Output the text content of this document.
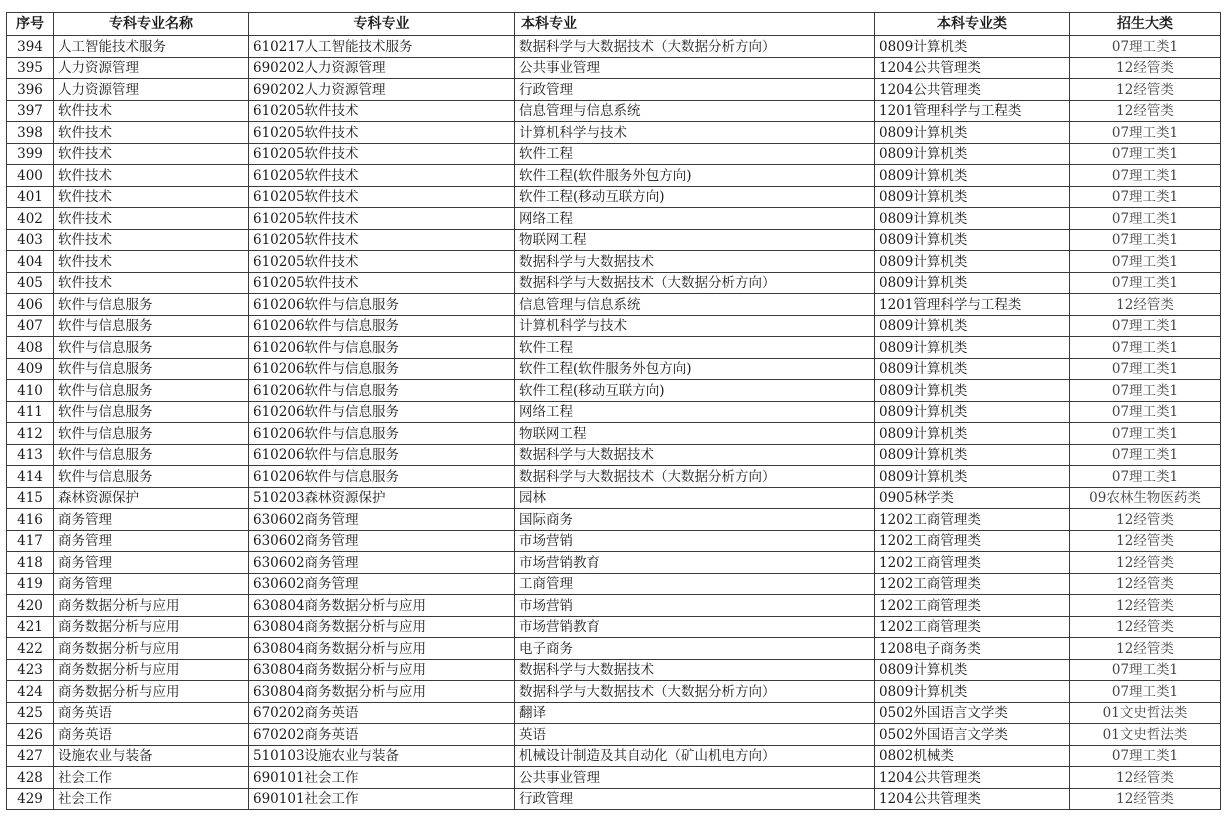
序号	专科专业名称	专科专业	本科专业	本科专业类	招生大类
394	人工智能技术服务	610217人工智能技术服务	数据科学与大数据技术（大数据分析方向）	0809计算机类	07理工类1
395	人力资源管理	690202人力资源管理	公共事业管理	1204公共管理类	12经管类
396	人力资源管理	690202人力资源管理	行政管理	1204公共管理类	12经管类
397	软件技术	610205软件技术	信息管理与信息系统	1201管理科学与工程类	12经管类
398	软件技术	610205软件技术	计算机科学与技术	0809计算机类	07理工类1
399	软件技术	610205软件技术	软件工程	0809计算机类	07理工类1
400	软件技术	610205软件技术	软件工程(软件服务外包方向)	0809计算机类	07理工类1
401	软件技术	610205软件技术	软件工程(移动互联方向)	0809计算机类	07理工类1
402	软件技术	610205软件技术	网络工程	0809计算机类	07理工类1
403	软件技术	610205软件技术	物联网工程	0809计算机类	07理工类1
404	软件技术	610205软件技术	数据科学与大数据技术	0809计算机类	07理工类1
405	软件技术	610205软件技术	数据科学与大数据技术（大数据分析方向）	0809计算机类	07理工类1
406	软件与信息服务	610206软件与信息服务	信息管理与信息系统	1201管理科学与工程类	12经管类
407	软件与信息服务	610206软件与信息服务	计算机科学与技术	0809计算机类	07理工类1
408	软件与信息服务	610206软件与信息服务	软件工程	0809计算机类	07理工类1
409	软件与信息服务	610206软件与信息服务	软件工程(软件服务外包方向)	0809计算机类	07理工类1
410	软件与信息服务	610206软件与信息服务	软件工程(移动互联方向)	0809计算机类	07理工类1
411	软件与信息服务	610206软件与信息服务	网络工程	0809计算机类	07理工类1
412	软件与信息服务	610206软件与信息服务	物联网工程	0809计算机类	07理工类1
413	软件与信息服务	610206软件与信息服务	数据科学与大数据技术	0809计算机类	07理工类1
414	软件与信息服务	610206软件与信息服务	数据科学与大数据技术（大数据分析方向）	0809计算机类	07理工类1
415	森林资源保护	510203森林资源保护	园林	0905林学类	09农林生物医药类
416	商务管理	630602商务管理	国际商务	1202工商管理类	12经管类
417	商务管理	630602商务管理	市场营销	1202工商管理类	12经管类
418	商务管理	630602商务管理	市场营销教育	1202工商管理类	12经管类
419	商务管理	630602商务管理	工商管理	1202工商管理类	12经管类
420	商务数据分析与应用	630804商务数据分析与应用	市场营销	1202工商管理类	12经管类
421	商务数据分析与应用	630804商务数据分析与应用	市场营销教育	1202工商管理类	12经管类
422	商务数据分析与应用	630804商务数据分析与应用	电子商务	1208电子商务类	12经管类
423	商务数据分析与应用	630804商务数据分析与应用	数据科学与大数据技术	0809计算机类	07理工类1
424	商务数据分析与应用	630804商务数据分析与应用	数据科学与大数据技术（大数据分析方向）	0809计算机类	07理工类1
425	商务英语	670202商务英语	翻译	0502外国语言文学类	01文史哲法类
426	商务英语	670202商务英语	英语	0502外国语言文学类	01文史哲法类
427	设施农业与装备	510103设施农业与装备	机械设计制造及其自动化（矿山机电方向）	0802机械类	07理工类1
428	社会工作	690101社会工作	公共事业管理	1204公共管理类	12经管类
429	社会工作	690101社会工作	行政管理	1204公共管理类	12经管类
